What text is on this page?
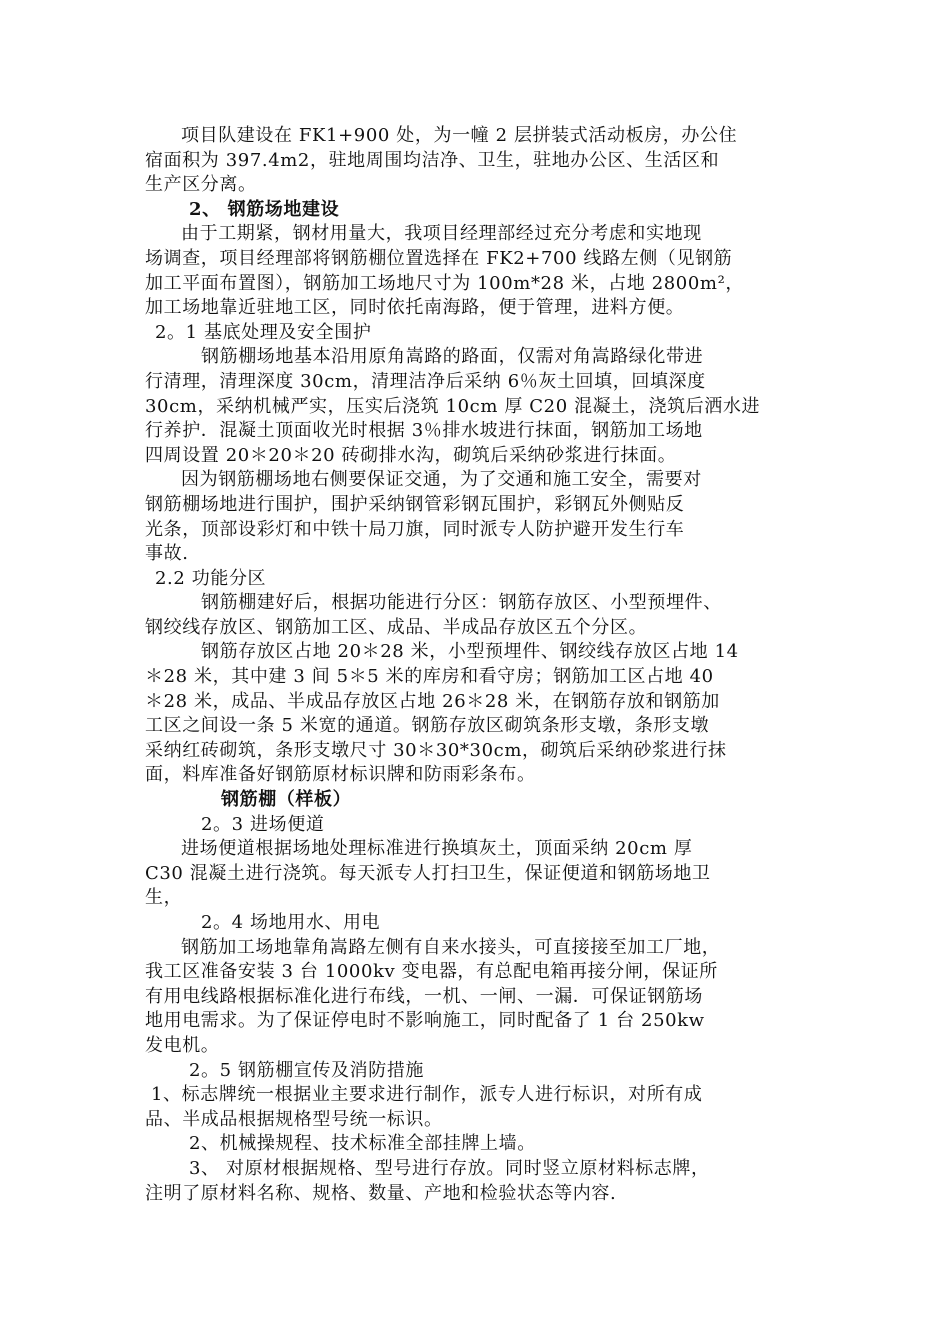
项目队建设在 FK1+900 处，为一幢 2 层拼装式活动板房，办公住
宿面积为 397.4m2，驻地周围均洁净、卫生，驻地办公区、生活区和
生产区分离。
2、 钢筋场地建设
由于工期紧，钢材用量大，我项目经理部经过充分考虑和实地现
场调查，项目经理部将钢筋棚位置选择在 FK2+700 线路左侧（见钢筋
加工平面布置图），钢筋加工场地尺寸为 100m*28 米，占地 2800m²，
加工场地靠近驻地工区，同时依托南海路，便于管理，进料方便。
2。1 基底处理及安全围护
钢筋棚场地基本沿用原角嵩路的路面，仅需对角嵩路绿化带进
行清理，清理深度 30cm，清理洁净后采纳 6％灰土回填，回填深度
30cm，采纳机械严实，压实后浇筑 10cm 厚 C20 混凝土，浇筑后洒水进
行养护．混凝土顶面收光时根据 3％排水坡进行抹面，钢筋加工场地
四周设置 20＊20＊20 砖砌排水沟，砌筑后采纳砂浆进行抹面。
因为钢筋棚场地右侧要保证交通，为了交通和施工安全，需要对
钢筋棚场地进行围护，围护采纳钢管彩钢瓦围护，彩钢瓦外侧贴反
光条，顶部设彩灯和中铁十局刀旗，同时派专人防护避开发生行车
事故.
2.2 功能分区
钢筋棚建好后，根据功能进行分区：钢筋存放区、小型预埋件、
钢绞线存放区、钢筋加工区、成品、半成品存放区五个分区。
钢筋存放区占地 20＊28 米，小型预埋件、钢绞线存放区占地 14
＊28 米，其中建 3 间 5＊5 米的库房和看守房；钢筋加工区占地 40
＊28 米，成品、半成品存放区占地 26＊28 米，在钢筋存放和钢筋加
工区之间设一条 5 米宽的通道。钢筋存放区砌筑条形支墩，条形支墩
采纳红砖砌筑，条形支墩尺寸 30＊30*30cm，砌筑后采纳砂浆进行抹
面，料库准备好钢筋原材标识牌和防雨彩条布。
钢筋棚（样板）
2。3 进场便道
进场便道根据场地处理标准进行换填灰土，顶面采纳 20cm 厚
C30 混凝土进行浇筑。每天派专人打扫卫生，保证便道和钢筋场地卫
生，
2。4 场地用水、用电
钢筋加工场地靠角嵩路左侧有自来水接头，可直接接至加工厂地，
我工区准备安装 3 台 1000kv 变电器，有总配电箱再接分闸，保证所
有用电线路根据标准化进行布线，一机、一闸、一漏．可保证钢筋场
地用电需求。为了保证停电时不影响施工，同时配备了 1 台 250kw
发电机。
2。5 钢筋棚宣传及消防措施
1、标志牌统一根据业主要求进行制作，派专人进行标识，对所有成
品、半成品根据规格型号统一标识。
2、机械操规程、技术标准全部挂牌上墙。
3、 对原材根据规格、型号进行存放。同时竖立原材料标志牌，
注明了原材料名称、规格、数量、产地和检验状态等内容.
